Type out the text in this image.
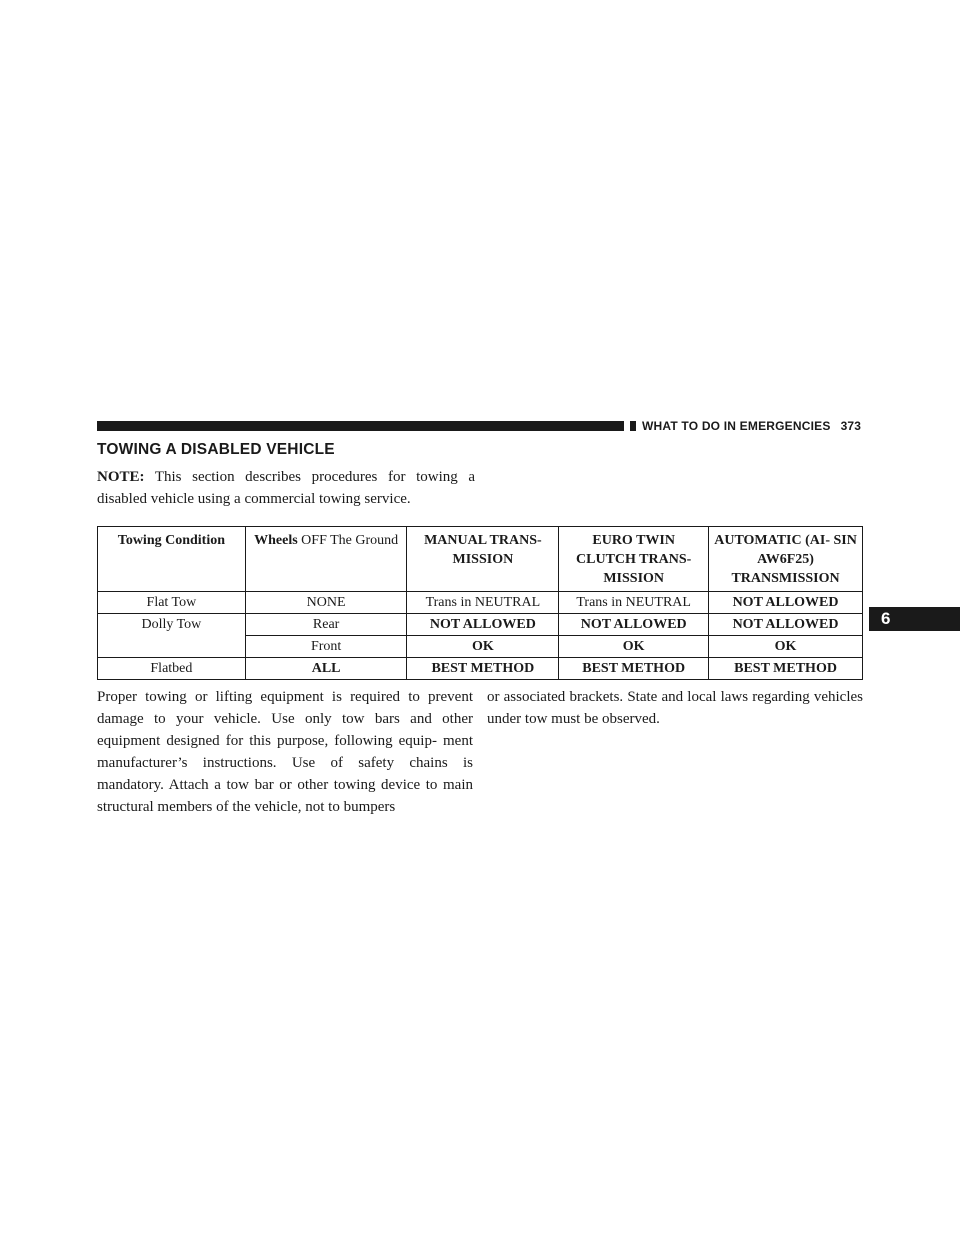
WHAT TO DO IN EMERGENCIES 373
TOWING A DISABLED VEHICLE
NOTE: This section describes procedures for towing a disabled vehicle using a commercial towing service.
Towing Condition	Wheels OFF The Ground	MANUAL TRANS- MISSION	EURO TWIN CLUTCH TRANS- MISSION	AUTOMATIC (AI- SIN AW6F25) TRANSMISSION
Flat Tow	NONE	Trans in NEUTRAL	Trans in NEUTRAL	NOT ALLOWED
Dolly Tow	Rear	NOT ALLOWED	NOT ALLOWED	NOT ALLOWED
	Front	OK	OK	OK
Flatbed	ALL	BEST METHOD	BEST METHOD	BEST METHOD
Proper towing or lifting equipment is required to prevent damage to your vehicle. Use only tow bars and other equipment designed for this purpose, following equip- ment manufacturer’s instructions. Use of safety chains is mandatory. Attach a tow bar or other towing device to main structural members of the vehicle, not to bumpers
or associated brackets. State and local laws regarding vehicles under tow must be observed.
6
